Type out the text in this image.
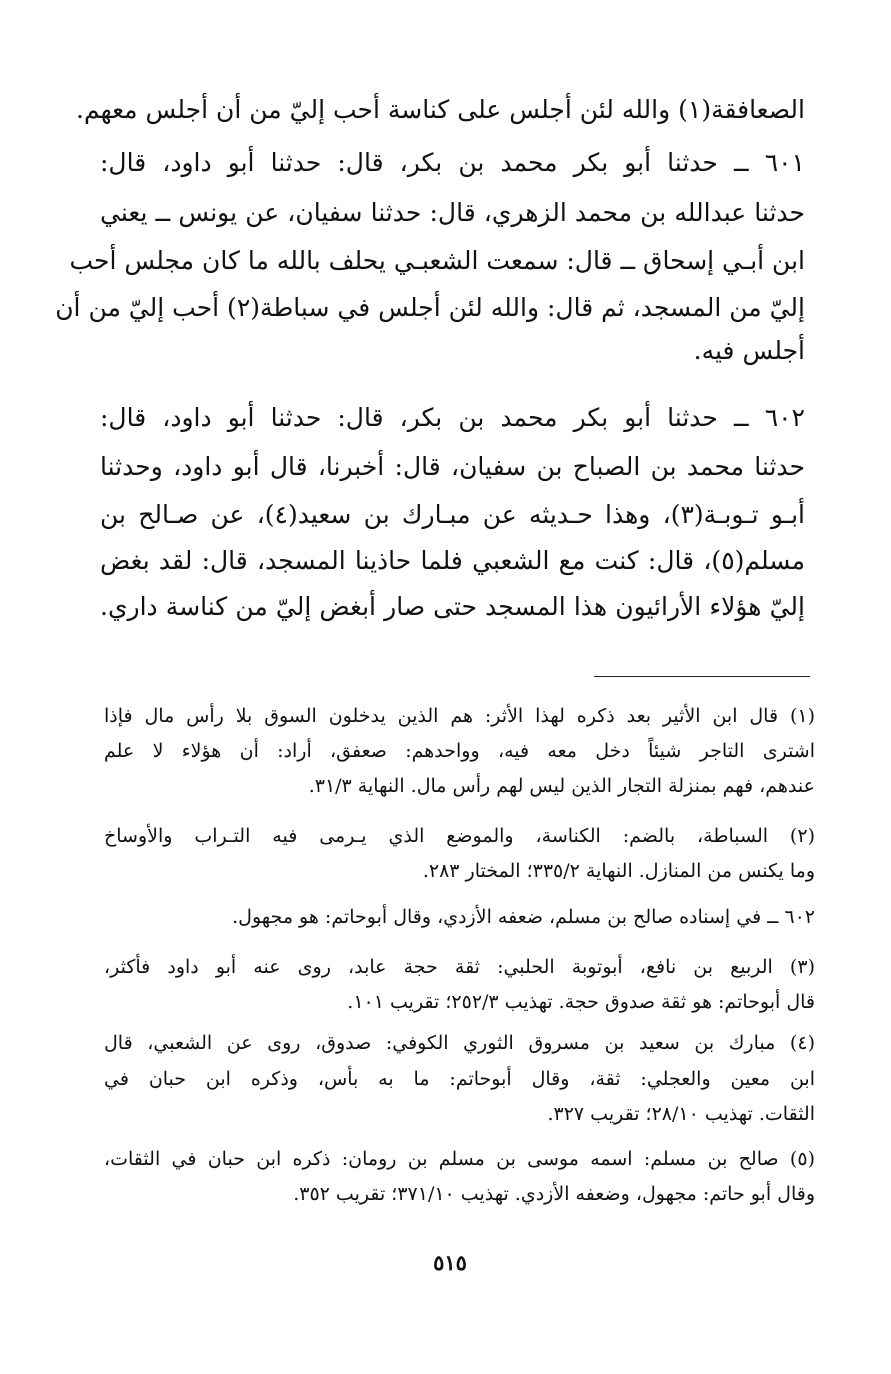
الصعافقة(١) والله لئن أجلس على كناسة أحب إليّ من أن أجلس معهم.

٦٠١ ــ حدثنا أبو بكر محمد بن بكر، قال: حدثنا أبو داود، قال:

حدثنا عبدالله بن محمد الزهري، قال: حدثنا سفيان، عن يونس ــ يعني

ابن أبـي إسحاق ــ قال: سمعت الشعبـي يحلف بالله ما كان مجلس أحب

إليّ من المسجد، ثم قال: والله لئن أجلس في سباطة(٢) أحب إليّ من أن

أجلس فيه.

٦٠٢ ــ حدثنا أبو بكر محمد بن بكر، قال: حدثنا أبو داود، قال:

حدثنا محمد بن الصباح بن سفيان، قال: أخبرنا، قال أبو داود، وحدثنا

أبـو تـوبـة(٣)، وهذا حـديثه عن مبـارك بن سعيد(٤)، عن صـالح بن

مسلم(٥)، قال: كنت مع الشعبي فلما حاذينا المسجد، قال: لقد بغض

إليّ هؤلاء الأرائيون هذا المسجد حتى صار أبغض إليّ من كناسة داري.

(١) قال ابن الأثير بعد ذكره لهذا الأثر: هم الذين يدخلون السوق بلا رأس مال فإذا

اشترى التاجر شيئاً دخل معه فيه، وواحدهم: صعفق، أراد: أن هؤلاء لا علم

عندهم، فهم بمنزلة التجار الذين ليس لهم رأس مال. النهاية ٣١/٣.

(٢) السباطة، بالضم: الكناسة، والموضع الذي يـرمى فيه التـراب والأوساخ

وما يكنس من المنازل. النهاية ٣٣٥/٢؛ المختار ٢٨٣.

٦٠٢ ــ في إسناده صالح بن مسلم، ضعفه الأزدي، وقال أبوحاتم: هو مجهول.

(٣) الربيع بن نافع، أبوتوبة الحلبي: ثقة حجة عابد، روى عنه أبو داود فأكثر،

قال أبوحاتم: هو ثقة صدوق حجة. تهذيب ٢٥٢/٣؛ تقريب ١٠١.

(٤) مبارك بن سعيد بن مسروق الثوري الكوفي: صدوق، روى عن الشعبي، قال

ابن معين والعجلي: ثقة، وقال أبوحاتم: ما به بأس، وذكره ابن حبان في

الثقات. تهذيب ٢٨/١٠؛ تقريب ٣٢٧.

(٥) صالح بن مسلم: اسمه موسى بن مسلم بن رومان: ذكره ابن حبان في الثقات،

وقال أبو حاتم: مجهول، وضعفه الأزدي. تهذيب ٣٧١/١٠؛ تقريب ٣٥٢.

٥١٥
